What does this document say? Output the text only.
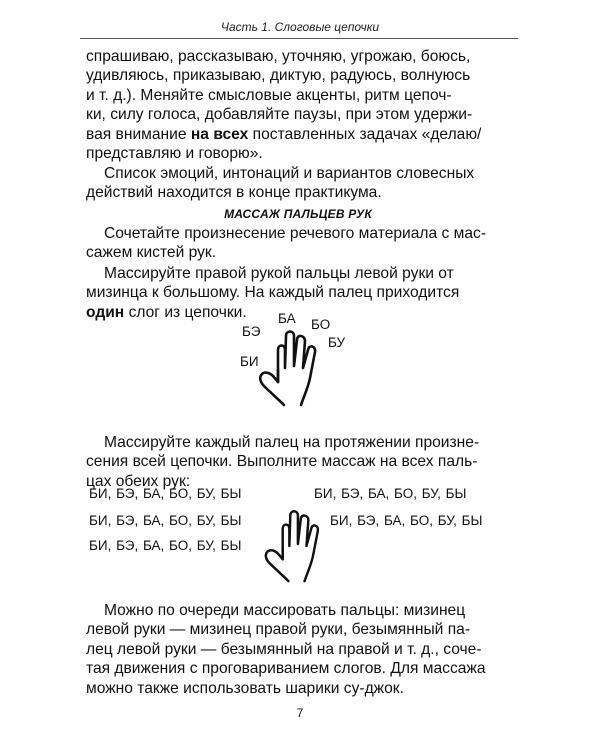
Часть 1. Слоговые цепочки
спрашиваю, рассказываю, уточняю, угрожаю, боюсь,
удивляюсь, приказываю, диктую, радуюсь, волнуюсь
и т. д.). Меняйте смысловые акценты, ритм цепоч-
ки, силу голоса, добавляйте паузы, при этом удержи-
вая внимание на всех поставленных задачах «делаю/
представляю и говорю».
Список эмоций, интонаций и вариантов словесных
действий находится в конце практикума.
МАССАЖ ПАЛЬЦЕВ РУК
Сочетайте произнесение речевого материала с мас-
сажем кистей рук.
Массируйте правой рукой пальцы левой руки от
мизинца к большому. На каждый палец приходится
один слог из цепочки.
БИ
БЭ
БА БО
БУ
Массируйте каждый палец на протяжении произне-
сения всей цепочки. Выполните массаж на всех паль-
цах обеих рук:
БИ, БЭ, БА, БО, БУ, БЫ
БИ, БЭ, БА, БО, БУ, БЫ
БИ, БЭ, БА, БО, БУ, БЫ
БИ, БЭ, БА, БО, БУ, БЫ
БИ, БЭ, БА, БО, БУ, БЫ
Можно по очереди массировать пальцы: мизинец
левой руки — мизинец правой руки, безымянный па-
лец левой руки — безымянный на правой и т. д., сочe-
тая движения с проговариванием слогов. Для массажа
можно также использовать шарики су-джок.
7
